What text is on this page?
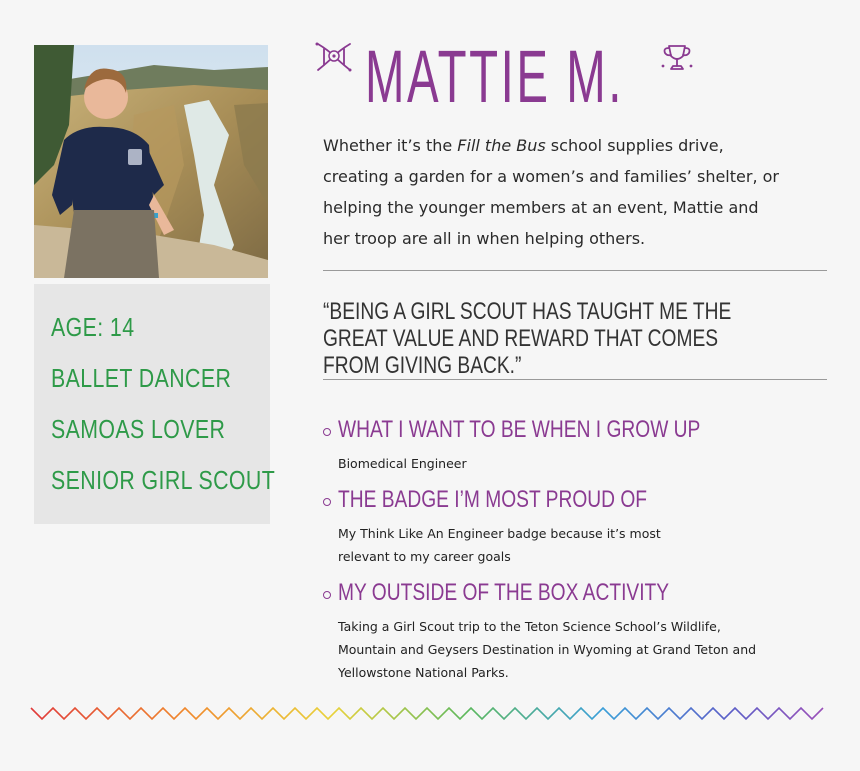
AGE: 14
BALLET DANCER
SAMOAS LOVER
SENIOR GIRL SCOUT
MATTIE M.
Whether it’s the Fill the Bus school supplies drive, creating a garden for a women’s and families’ shelter, or helping the younger members at an event, Mattie and her troop are all in when helping others.
“BEING A GIRL SCOUT HAS TAUGHT ME THE GREAT VALUE AND REWARD THAT COMES FROM GIVING BACK.”
WHAT I WANT TO BE WHEN I GROW UP
Biomedical Engineer
THE BADGE I’M MOST PROUD OF
My Think Like An Engineer badge because it’s most relevant to my career goals
MY OUTSIDE OF THE BOX ACTIVITY
Taking a Girl Scout trip to the Teton Science School’s Wildlife, Mountain and Geysers Destination in Wyoming at Grand Teton and Yellowstone National Parks.
